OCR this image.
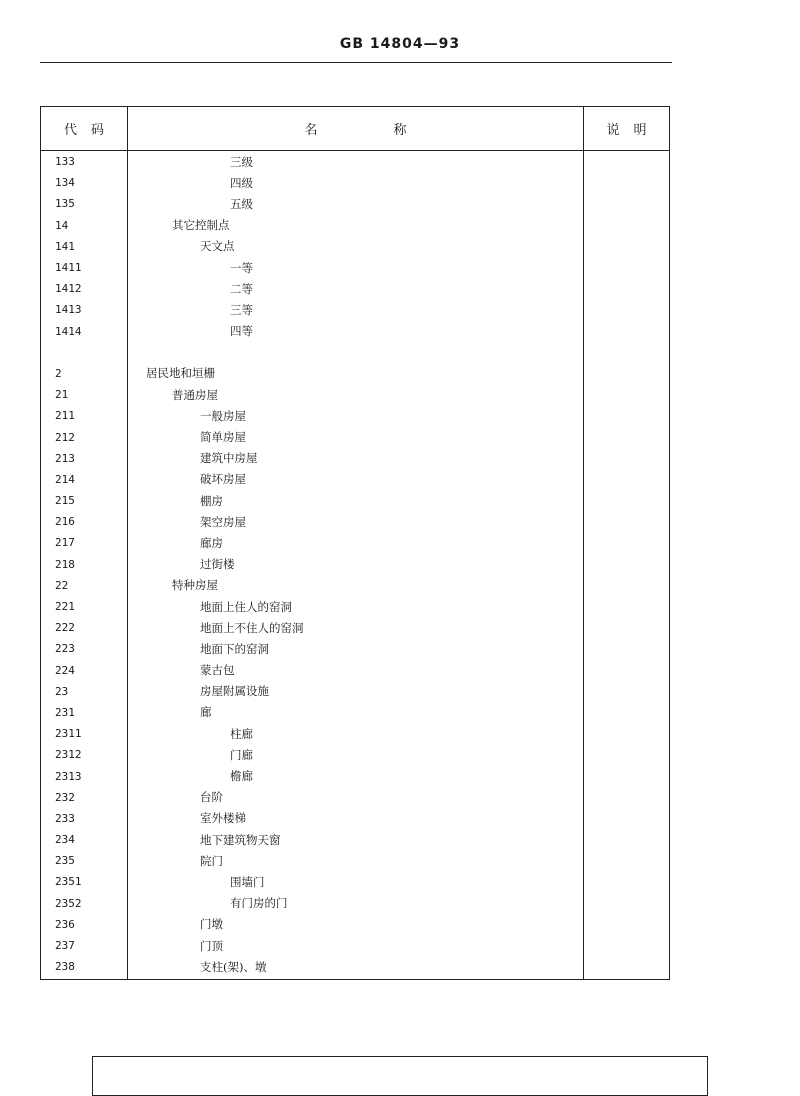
GB 14804—93
代码	名称	说明
133
134
135
14
141
1411
1412
1413
1414
2
21
211
212
213
214
215
216
217
218
22
221
222
223
224
23
231
2311
2312
2313
232
233
234
235
2351
2352
236
237
238
三级
四级
五级
其它控制点
天文点
一等
二等
三等
四等
居民地和垣栅
普通房屋
一般房屋
简单房屋
建筑中房屋
破坏房屋
棚房
架空房屋
廊房
过街楼
特种房屋
地面上住人的窑洞
地面上不住人的窑洞
地面下的窑洞
蒙古包
房屋附属设施
廊
柱廊
门廊
檐廊
台阶
室外楼梯
地下建筑物天窗
院门
围墙门
有门房的门
门墩
门顶
支柱(架)、墩
